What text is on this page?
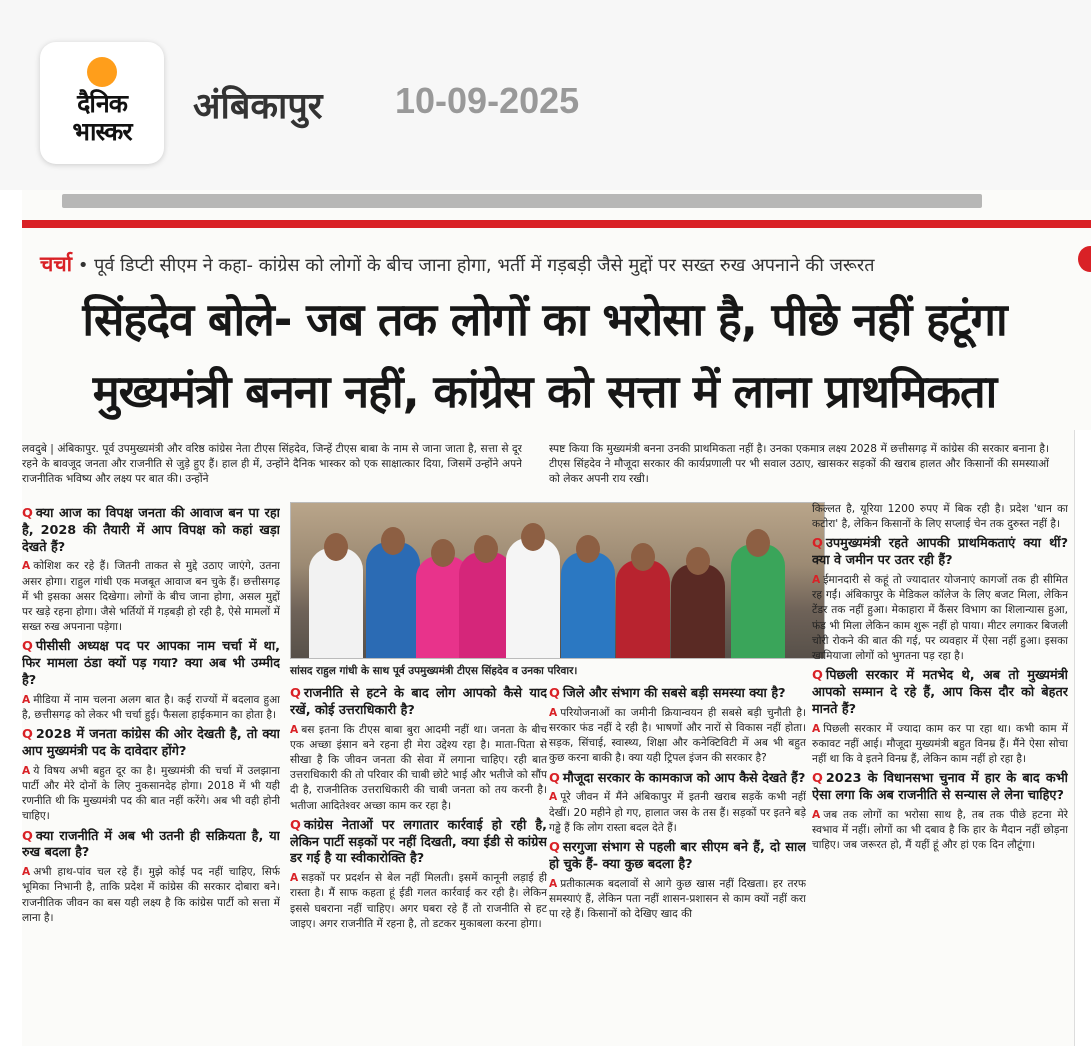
दैनिक
भास्कर
अंबिकापुर 10-09-2025
चर्चा • पूर्व डिप्टी सीएम ने कहा- कांग्रेस को लोगों के बीच जाना होगा, भर्ती में गड़बड़ी जैसे मुद्दों पर सख्त रुख अपनाने की जरूरत
सिंहदेव बोले- जब तक लोगों का भरोसा है, पीछे नहीं हटूंगा
मुख्यमंत्री बनना नहीं, कांग्रेस को सत्ता में लाना प्राथमिकता

लवदुबे | अंबिकापुर. पूर्व उपमुख्यमंत्री और वरिष्ठ कांग्रेस नेता टीएस सिंहदेव, जिन्हें टीएस बाबा के नाम से जाना जाता है, सत्ता से दूर रहने के बावजूद जनता और राजनीति से जुड़े हुए हैं। हाल ही में, उन्होंने दैनिक भास्कर को एक साक्षात्कार दिया, जिसमें उन्होंने अपने राजनीतिक भविष्य और लक्ष्य पर बात की। उन्होंने

स्पष्ट किया कि मुख्यमंत्री बनना उनकी प्राथमिकता नहीं है। उनका एकमात्र लक्ष्य 2028 में छत्तीसगढ़ में कांग्रेस की सरकार बनाना है। टीएस सिंहदेव ने मौजूदा सरकार की कार्यप्रणाली पर भी सवाल उठाए, खासकर सड़कों की खराब हालत और किसानों की समस्याओं को लेकर अपनी राय रखी।

Q क्या आज का विपक्ष जनता की आवाज बन पा रहा है, 2028 की तैयारी में आप विपक्ष को कहां खड़ा देखते हैं?

A कोशिश कर रहे हैं। जितनी ताकत से मुद्दे उठाए जाएंगे, उतना असर होगा। राहुल गांधी एक मजबूत आवाज बन चुके हैं। छत्तीसगढ़ में भी इसका असर दिखेगा। लोगों के बीच जाना होगा, असल मुद्दों पर खड़े रहना होगा। जैसे भर्तियों में गड़बड़ी हो रही है, ऐसे मामलों में सख्त रुख अपनाना पड़ेगा।

Q पीसीसी अध्यक्ष पद पर आपका नाम चर्चा में था, फिर मामला ठंडा क्यों पड़ गया? क्या अब भी उम्मीद है?

A मीडिया में नाम चलना अलग बात है। कई राज्यों में बदलाव हुआ है, छत्तीसगढ़ को लेकर भी चर्चा हुई। फैसला हाईकमान का होता है।

Q 2028 में जनता कांग्रेस की ओर देखती है, तो क्या आप मुख्यमंत्री पद के दावेदार होंगे?

A ये विषय अभी बहुत दूर का है। मुख्यमंत्री की चर्चा में उलझाना पार्टी और मेरे दोनों के लिए नुकसानदेह होगा। 2018 में भी यही रणनीति थी कि मुख्यमंत्री पद की बात नहीं करेंगे। अब भी वही होनी चाहिए।

Q क्या राजनीति में अब भी उतनी ही सक्रियता है, या रुख बदला है?

A अभी हाथ-पांव चल रहे हैं। मुझे कोई पद नहीं चाहिए, सिर्फ भूमिका निभानी है, ताकि प्रदेश में कांग्रेस की सरकार दोबारा बने। राजनीतिक जीवन का बस यही लक्ष्य है कि कांग्रेस पार्टी को सत्ता में लाना है।

सांसद राहुल गांधी के साथ पूर्व उपमुख्यमंत्री टीएस सिंहदेव व उनका परिवार।
Q राजनीति से हटने के बाद लोग आपको कैसे याद रखें, कोई उत्तराधिकारी है?

A बस इतना कि टीएस बाबा बुरा आदमी नहीं था। जनता के बीच एक अच्छा इंसान बने रहना ही मेरा उद्देश्य रहा है। माता-पिता से सीखा है कि जीवन जनता की सेवा में लगाना चाहिए। रही बात उत्तराधिकारी की तो परिवार की चाबी छोटे भाई और भतीजे को सौंप दी है, राजनीतिक उत्तराधिकारी की चाबी जनता को तय करनी है। भतीजा आदितेश्वर अच्छा काम कर रहा है।

Q कांग्रेस नेताओं पर लगातार कार्रवाई हो रही है, लेकिन पार्टी सड़कों पर नहीं दिखती, क्या ईडी से कांग्रेस डर गई है या स्वीकारोक्ति है?

A सड़कों पर प्रदर्शन से बेल नहीं मिलती। इसमें कानूनी लड़ाई ही रास्ता है। मैं साफ कहता हूं ईडी गलत कार्रवाई कर रही है। लेकिन इससे घबराना नहीं चाहिए। अगर घबरा रहे हैं तो राजनीति से हट जाइए। अगर राजनीति में रहना है, तो डटकर मुकाबला करना होगा।

Q जिले और संभाग की सबसे बड़ी समस्या क्या है?

A परियोजनाओं का जमीनी क्रियान्वयन ही सबसे बड़ी चुनौती है। सरकार फंड नहीं दे रही है। भाषणों और नारों से विकास नहीं होता। सड़क, सिंचाई, स्वास्थ्य, शिक्षा और कनेक्टिविटी में अब भी बहुत कुछ करना बाकी है। क्या यही ट्रिपल इंजन की सरकार है?

Q मौजूदा सरकार के कामकाज को आप कैसे देखते हैं?

A पूरे जीवन में मैंने अंबिकापुर में इतनी खराब सड़कें कभी नहीं देखीं। 20 महीने हो गए, हालात जस के तस हैं। सड़कों पर इतने बड़े गड्ढे हैं कि लोग रास्ता बदल देते हैं।

Q सरगुजा संभाग से पहली बार सीएम बने हैं, दो साल हो चुके हैं- क्या कुछ बदला है?

A प्रतीकात्मक बदलावों से आगे कुछ खास नहीं दिखता। हर तरफ समस्याएं हैं, लेकिन पता नहीं शासन-प्रशासन से काम क्यों नहीं करा पा रहे हैं। किसानों को देखिए खाद की

किल्लत है, यूरिया 1200 रुपए में बिक रही है। प्रदेश 'धान का कटोरा' है, लेकिन किसानों के लिए सप्लाई चेन तक दुरुस्त नहीं है।

Q उपमुख्यमंत्री रहते आपकी प्राथमिकताएं क्या थीं? क्या वे जमीन पर उतर रही हैं?

A ईमानदारी से कहूं तो ज्यादातर योजनाएं कागजों तक ही सीमित रह गईं। अंबिकापुर के मेडिकल कॉलेज के लिए बजट मिला, लेकिन टेंडर तक नहीं हुआ। मेकाहारा में कैंसर विभाग का शिलान्यास हुआ, फंड भी मिला लेकिन काम शुरू नहीं हो पाया। मीटर लगाकर बिजली चोरी रोकने की बात की गई, पर व्यवहार में ऐसा नहीं हुआ। इसका खामियाजा लोगों को भुगतना पड़ रहा है।

Q पिछली सरकार में मतभेद थे, अब तो मुख्यमंत्री आपको सम्मान दे रहे हैं, आप किस दौर को बेहतर मानते हैं?

A पिछली सरकार में ज्यादा काम कर पा रहा था। कभी काम में रुकावट नहीं आई। मौजूदा मुख्यमंत्री बहुत विनम्र हैं। मैंने ऐसा सोचा नहीं था कि वे इतने विनम्र हैं, लेकिन काम नहीं हो रहा है।

Q 2023 के विधानसभा चुनाव में हार के बाद कभी ऐसा लगा कि अब राजनीति से सन्यास ले लेना चाहिए?

A जब तक लोगों का भरोसा साथ है, तब तक पीछे हटना मेरे स्वभाव में नहीं। लोगों का भी दबाव है कि हार के मैदान नहीं छोड़ना चाहिए। जब जरूरत हो, मैं यहीं हूं और हां एक दिन लौटूंगा।
